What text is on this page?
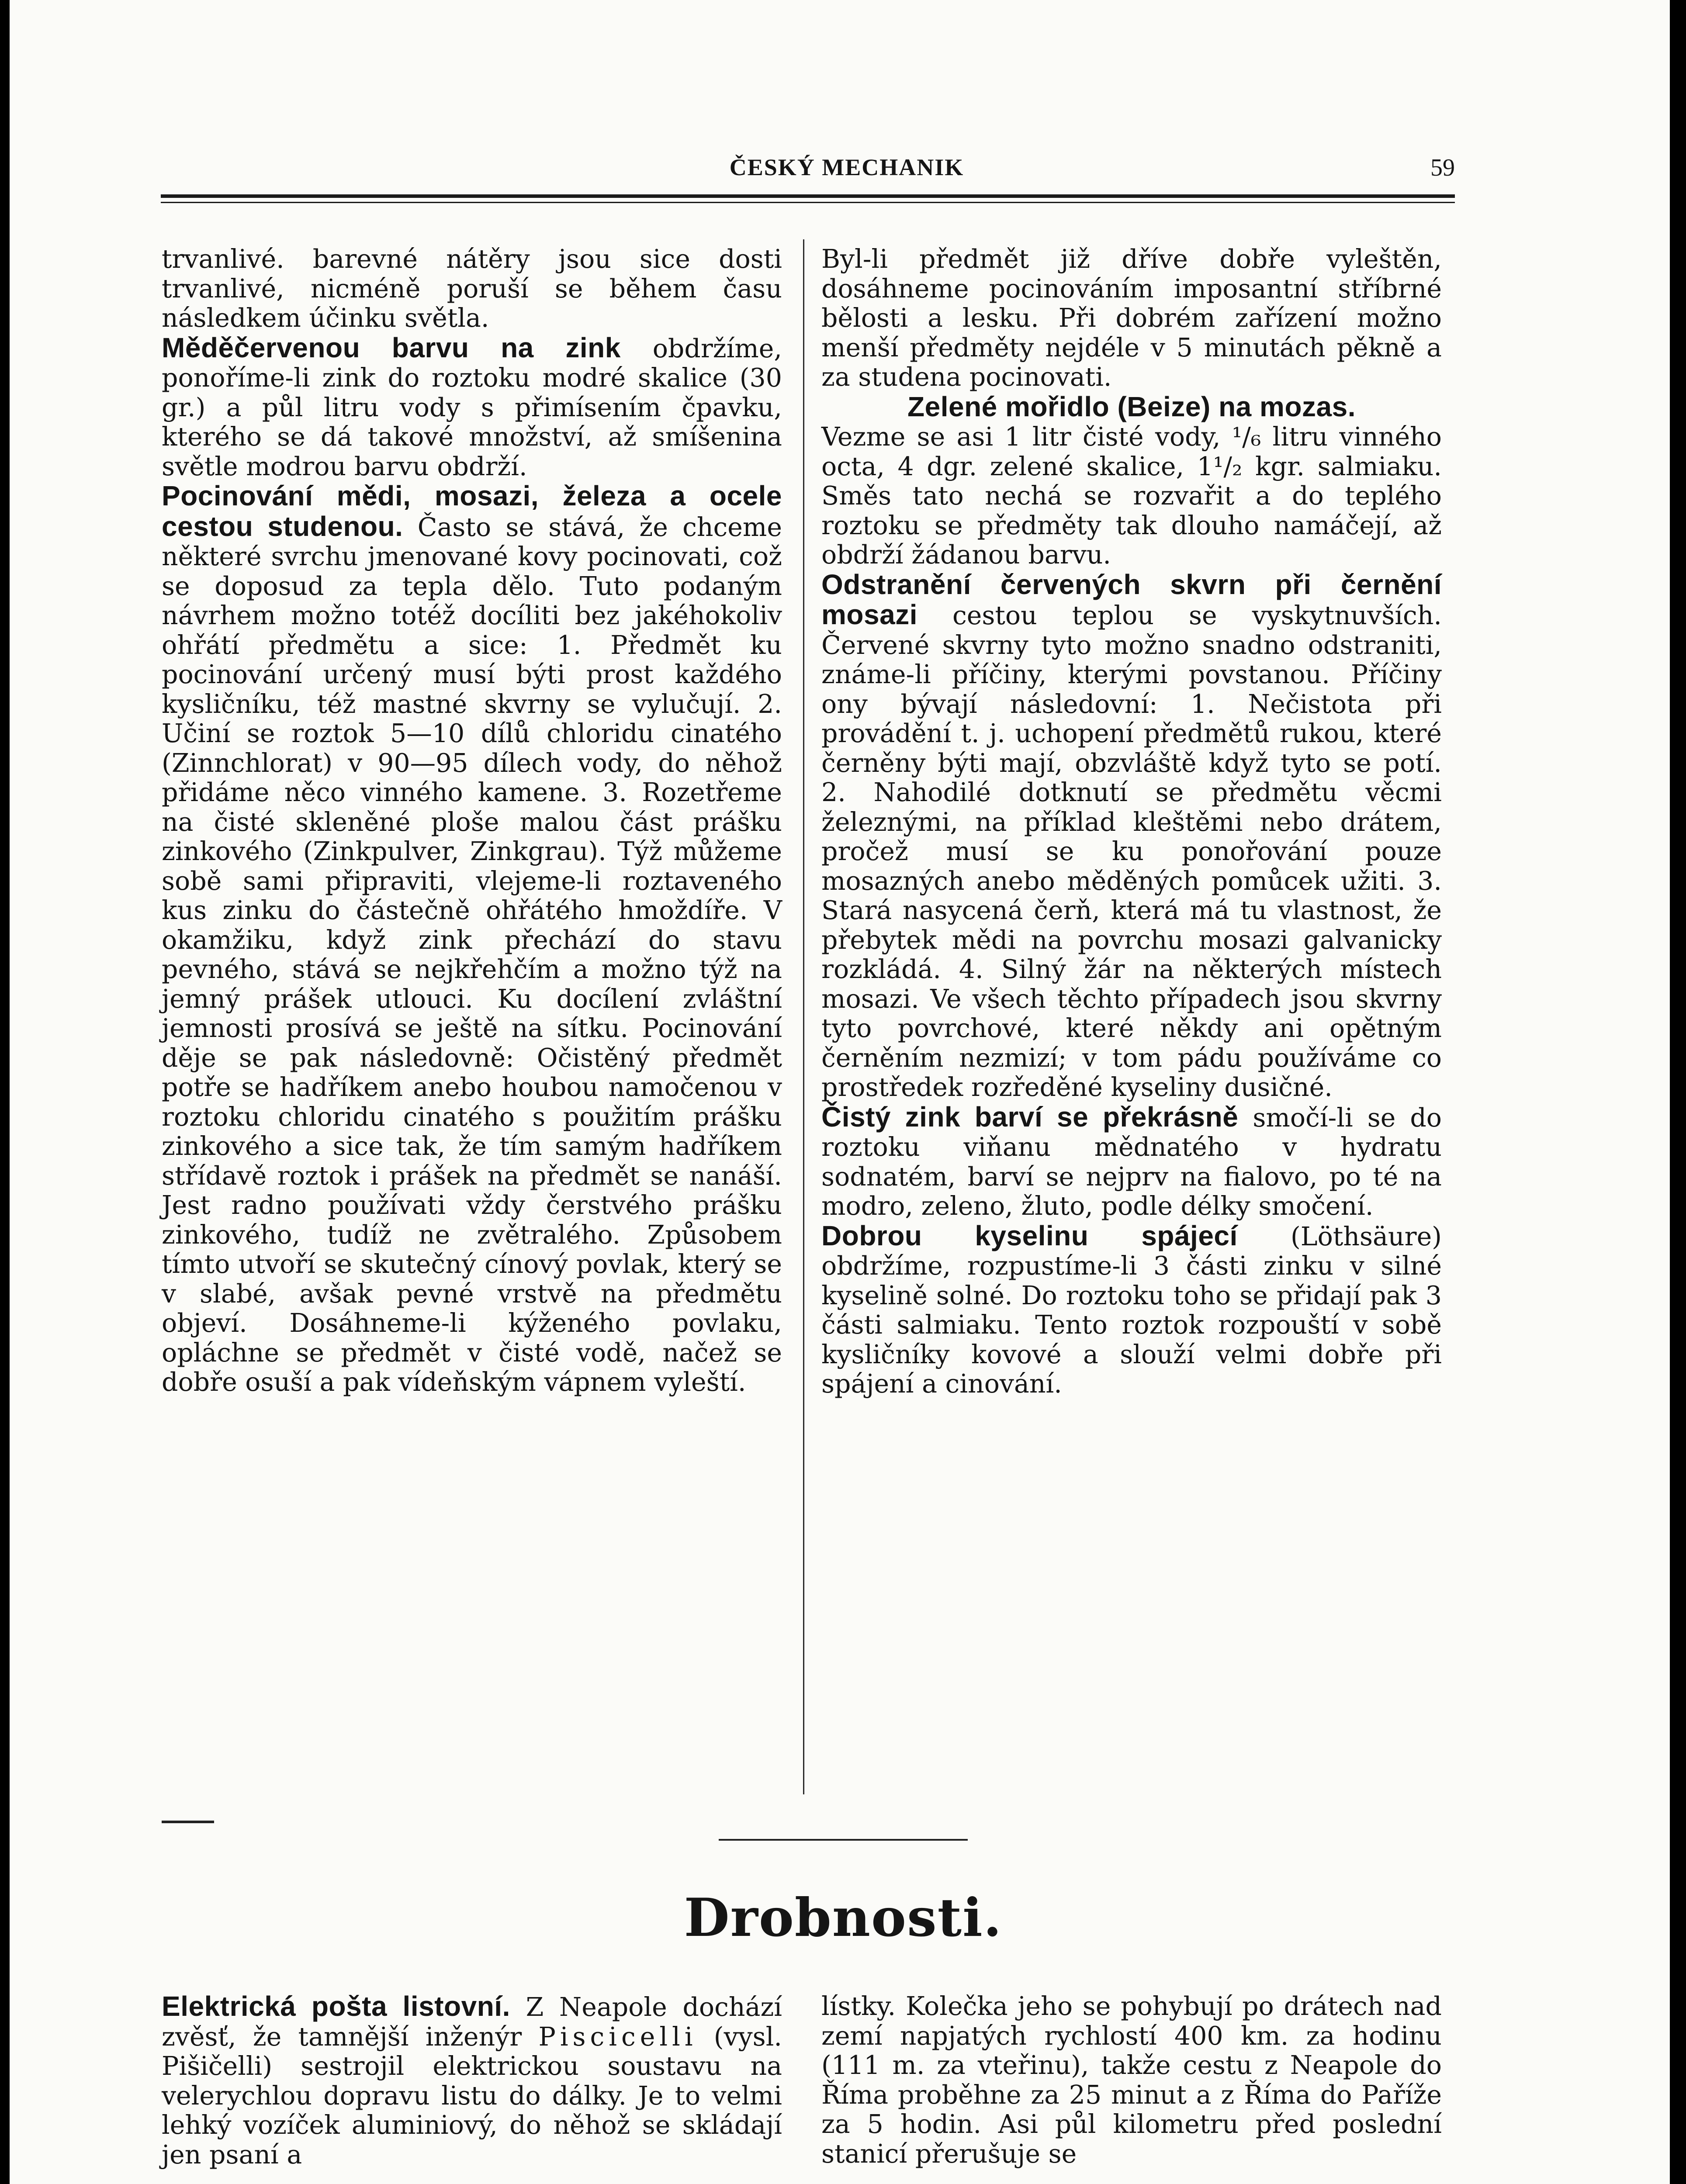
ČESKÝ MECHANIK	59

trvanlivé. barevné nátěry jsou sice dosti trvanlivé, nicméně poruší se během času následkem účinku světla.

Měděčervenou barvu na zink obdržíme, ponoříme-li zink do roztoku modré skalice (30 gr.) a půl litru vody s přimísením čpavku, kterého se dá takové množství, až smíšenina světle modrou barvu obdrží.

Pocinování mědi, mosazi, železa a ocele cestou studenou. Často se stává, že chceme některé svrchu jmenované kovy pocinovati, což se doposud za tepla dělo. Tuto podaným návrhem možno totéž docíliti bez jakéhokoliv ohřátí předmětu a sice: 1. Předmět ku pocinování určený musí býti prost každého kysličníku, též mastné skvrny se vylučují. 2. Učiní se roztok 5—10 dílů chloridu cinatého (Zinnchlorat) v 90—95 dílech vody, do něhož přidáme něco vinného kamene. 3. Rozetřeme na čisté skleněné ploše malou část prášku zinkového (Zinkpulver, Zinkgrau). Týž můžeme sobě sami připraviti, vlejeme-li roztaveného kus zinku do částečně ohřátého hmoždíře. V okamžiku, když zink přechází do stavu pevného, stává se nejkřehčím a možno týž na jemný prášek utlouci. Ku docílení zvláštní jemnosti prosívá se ještě na sítku. Pocinování děje se pak následovně: Očistěný předmět potře se hadříkem anebo houbou namočenou v roztoku chloridu cinatého s použitím prášku zinkového a sice tak, že tím samým hadříkem střídavě roztok i prášek na předmět se nanáší. Jest radno používati vždy čerstvého prášku zinkového, tudíž ne zvětralého. Způsobem tímto utvoří se skutečný cínový povlak, který se v slabé, avšak pevné vrstvě na předmětu objeví. Dosáhneme-li kýženého povlaku, opláchne se předmět v čisté vodě, načež se dobře osuší a pak vídeňským vápnem vyleští.

Byl-li předmět již dříve dobře vyleštěn, dosáhneme pocinováním imposantní stříbrné bělosti a lesku. Při dobrém zařízení možno menší předměty nejdéle v 5 minutách pěkně a za studena pocinovati.

Zelené mořidlo (Beize) na mozas.

Vezme se asi 1 litr čisté vody, ¹/₆ litru vinného octa, 4 dgr. zelené skalice, 1¹/₂ kgr. salmiaku. Směs tato nechá se rozvařit a do teplého roztoku se předměty tak dlouho namáčejí, až obdrží žádanou barvu.

Odstranění červených skvrn při černění mosazi cestou teplou se vyskytnuvších. Červené skvrny tyto možno snadno odstraniti, známe-li příčiny, kterými povstanou. Příčiny ony bývají následovní: 1. Nečistota při provádění t. j. uchopení předmětů rukou, které černěny býti mají, obzvláště když tyto se potí. 2. Nahodilé dotknutí se předmětu věcmi železnými, na příklad kleštěmi nebo drátem, pročež musí se ku ponořování pouze mosazných anebo měděných pomůcek užiti. 3. Stará nasycená čerň, která má tu vlastnost, že přebytek mědi na povrchu mosazi galvanicky rozkládá. 4. Silný žár na některých místech mosazi. Ve všech těchto případech jsou skvrny tyto povrchové, které někdy ani opětným černěním nezmizí; v tom pádu používáme co prostředek rozředěné kyseliny dusičné.

Čistý zink barví se překrásně smočí-li se do roztoku viňanu mědnatého v hydratu sodnatém, barví se nejprv na fialovo, po té na modro, zeleno, žluto, podle délky smočení.

Dobrou kyselinu spájecí (Löthsäure) obdržíme, rozpustíme-li 3 části zinku v silné kyselině solné. Do roztoku toho se přidají pak 3 části salmiaku. Tento roztok rozpouští v sobě kysličníky kovové a slouží velmi dobře při spájení a cinování.

Drobnosti.

Elektrická pošta listovní. Z Neapole dochází zvěsť, že tamnější inženýr Piscicelli (vysl. Pišičelli) sestrojil elektrickou soustavu na velerychlou dopravu listu do dálky. Je to velmi lehký vozíček aluminiový, do něhož se skládají jen psaní a

lístky. Kolečka jeho se pohybují po drátech nad zemí napjatých rychlostí 400 km. za hodinu (111 m. za vteřinu), takže cestu z Neapole do Říma proběhne za 25 minut a z Říma do Paříže za 5 hodin. Asi půl kilometru před poslední stanicí přerušuje se
